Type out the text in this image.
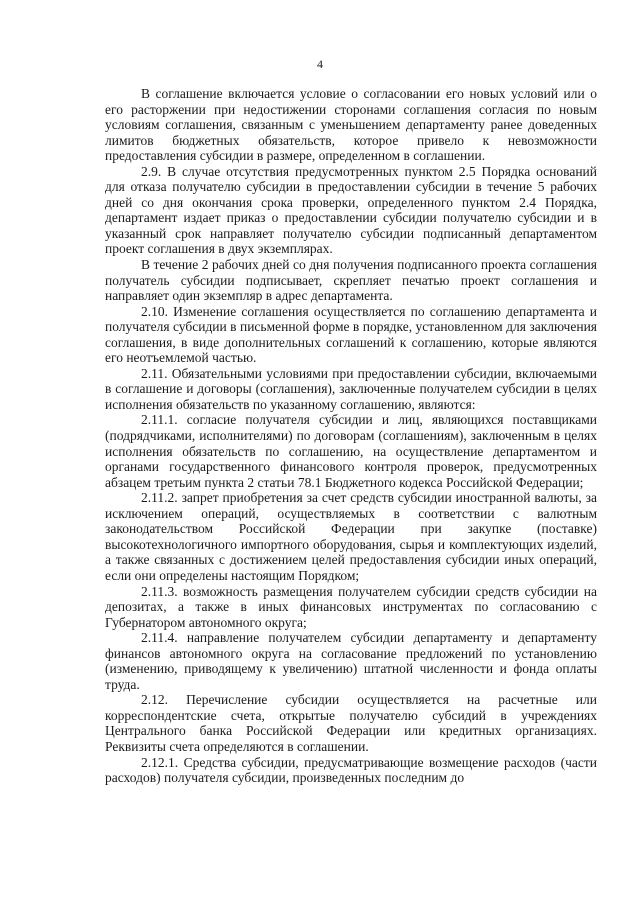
4

В соглашение включается условие о согласовании его новых условий или о его расторжении при недостижении сторонами соглашения согласия по новым условиям соглашения, связанным с уменьшением департаменту ранее доведенных лимитов бюджетных обязательств, которое привело к невозможности предоставления субсидии в размере, определенном в соглашении.

2.9. В случае отсутствия предусмотренных пунктом 2.5 Порядка оснований для отказа получателю субсидии в предоставлении субсидии в течение 5 рабочих дней со дня окончания срока проверки, определенного пунктом 2.4 Порядка, департамент издает приказ о предоставлении субсидии получателю субсидии и в указанный срок направляет получателю субсидии подписанный департаментом проект соглашения в двух экземплярах.

В течение 2 рабочих дней со дня получения подписанного проекта соглашения получатель субсидии подписывает, скрепляет печатью проект соглашения и направляет один экземпляр в адрес департамента.

2.10. Изменение соглашения осуществляется по соглашению департамента и получателя субсидии в письменной форме в порядке, установленном для заключения соглашения, в виде дополнительных соглашений к соглашению, которые являются его неотъемлемой частью.

2.11. Обязательными условиями при предоставлении субсидии, включаемыми в соглашение и договоры (соглашения), заключенные получателем субсидии в целях исполнения обязательств по указанному соглашению, являются:

2.11.1. согласие получателя субсидии и лиц, являющихся поставщиками (подрядчиками, исполнителями) по договорам (соглашениям), заключенным в целях исполнения обязательств по соглашению, на осуществление департаментом и органами государственного финансового контроля проверок, предусмотренных абзацем третьим пункта 2 статьи 78.1 Бюджетного кодекса Российской Федерации;

2.11.2. запрет приобретения за счет средств субсидии иностранной валюты, за исключением операций, осуществляемых в соответствии с валютным законодательством Российской Федерации при закупке (поставке) высокотехнологичного импортного оборудования, сырья и комплектующих изделий, а также связанных с достижением целей предоставления субсидии иных операций, если они определены настоящим Порядком;

2.11.3. возможность размещения получателем субсидии средств субсидии на депозитах, а также в иных финансовых инструментах по согласованию с Губернатором автономного округа;

2.11.4. направление получателем субсидии департаменту и департаменту финансов автономного округа на согласование предложений по установлению (изменению, приводящему к увеличению) штатной численности и фонда оплаты труда.

2.12. Перечисление субсидии осуществляется на расчетные или корреспондентские счета, открытые получателю субсидий в учреждениях Центрального банка Российской Федерации или кредитных организациях. Реквизиты счета определяются в соглашении.

2.12.1. Средства субсидии, предусматривающие возмещение расходов (части расходов) получателя субсидии, произведенных последним до
